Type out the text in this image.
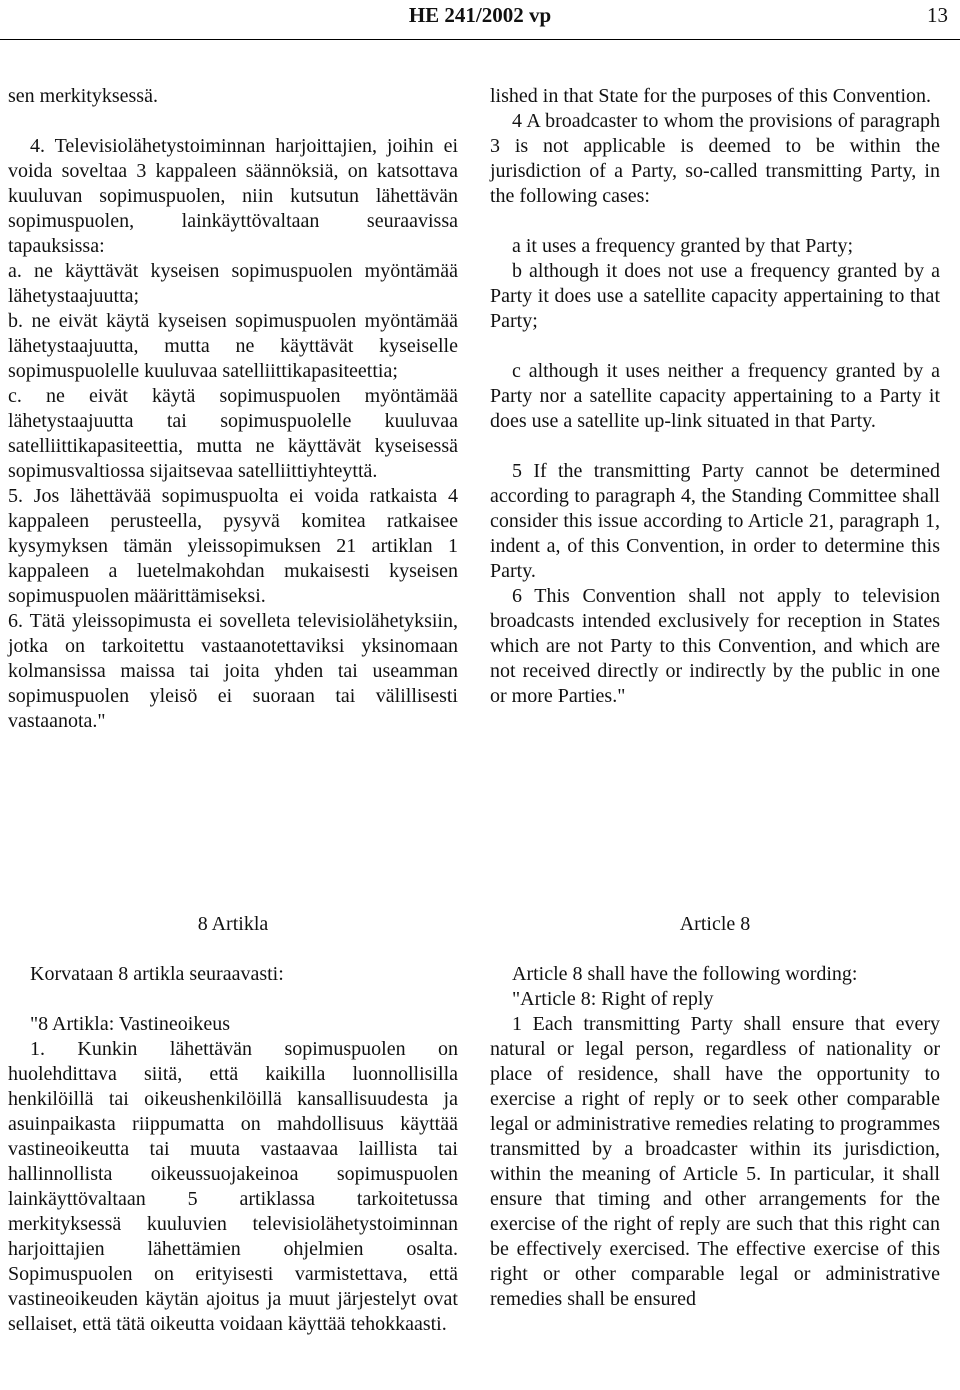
HE 241/2002 vp	13

sen merkityksessä.

4. Televisiolähetystoiminnan harjoittajien, joihin ei voida soveltaa 3 kappaleen säännöksiä, on katsottava kuuluvan sopimuspuolen, niin kutsutun lähettävän sopimuspuolen, lainkäyttövaltaan seuraavissa tapauksissa:

a. ne käyttävät kyseisen sopimuspuolen myöntämää lähetystaajuutta;

b. ne eivät käytä kyseisen sopimuspuolen myöntämää lähetystaajuutta, mutta ne käyttävät kyseiselle sopimuspuolelle kuuluvaa satelliittikapasiteettia;

c. ne eivät käytä sopimuspuolen myöntämää lähetystaajuutta tai sopimuspuolelle kuuluvaa satelliittikapasiteettia, mutta ne käyttävät kyseisessä sopimusvaltiossa sijaitsevaa satelliittiyhteyttä.

5. Jos lähettävää sopimuspuolta ei voida ratkaista 4 kappaleen perusteella, pysyvä komitea ratkaisee kysymyksen tämän yleissopimuksen 21 artiklan 1 kappaleen a luetelmakohdan mukaisesti kyseisen sopimuspuolen määrittämiseksi.

6. Tätä yleissopimusta ei sovelleta televisiolähetyksiin, jotka on tarkoitettu vastaanotettaviksi yksinomaan kolmansissa maissa tai joita yhden tai useamman sopimuspuolen yleisö ei suoraan tai välillisesti vastaanota."

lished in that State for the purposes of this Convention.

4 A broadcaster to whom the provisions of paragraph 3 is not applicable is deemed to be within the jurisdiction of a Party, so-called transmitting Party, in the following cases:

a it uses a frequency granted by that Party;

b although it does not use a frequency granted by a Party it does use a satellite capacity appertaining to that Party;

c although it uses neither a frequency granted by a Party nor a satellite capacity appertaining to a Party it does use a satellite up-link situated in that Party.

5 If the transmitting Party cannot be determined according to paragraph 4, the Standing Committee shall consider this issue according to Article 21, paragraph 1, indent a, of this Convention, in order to determine this Party.

6 This Convention shall not apply to television broadcasts intended exclusively for reception in States which are not Party to this Convention, and which are not received directly or indirectly by the public in one or more Parties."

8 Artikla

Korvataan 8 artikla seuraavasti:

"8 Artikla: Vastineoikeus

1. Kunkin lähettävän sopimuspuolen on huolehdittava siitä, että kaikilla luonnollisilla henkilöillä tai oikeushenkilöillä kansallisuudesta ja asuinpaikasta riippumatta on mahdollisuus käyttää vastineoikeutta tai muuta vastaavaa laillista tai hallinnollista oikeussuojakeinoa sopimuspuolen lainkäyttövaltaan 5 artiklassa tarkoitetussa merkityksessä kuuluvien televisiolähetystoiminnan harjoittajien lähettämien ohjelmien osalta. Sopimuspuolen on erityisesti varmistettava, että vastineoikeuden käytän ajoitus ja muut järjestelyt ovat sellaiset, että tätä oikeutta voidaan käyttää tehokkaasti.

Article 8

Article 8 shall have the following wording:

"Article 8: Right of reply

1 Each transmitting Party shall ensure that every natural or legal person, regardless of nationality or place of residence, shall have the opportunity to exercise a right of reply or to seek other comparable legal or administrative remedies relating to programmes transmitted by a broadcaster within its jurisdiction, within the meaning of Article 5. In particular, it shall ensure that timing and other arrangements for the exercise of the right of reply are such that this right can be effectively exercised. The effective exercise of this right or other comparable legal or administrative remedies shall be ensured
